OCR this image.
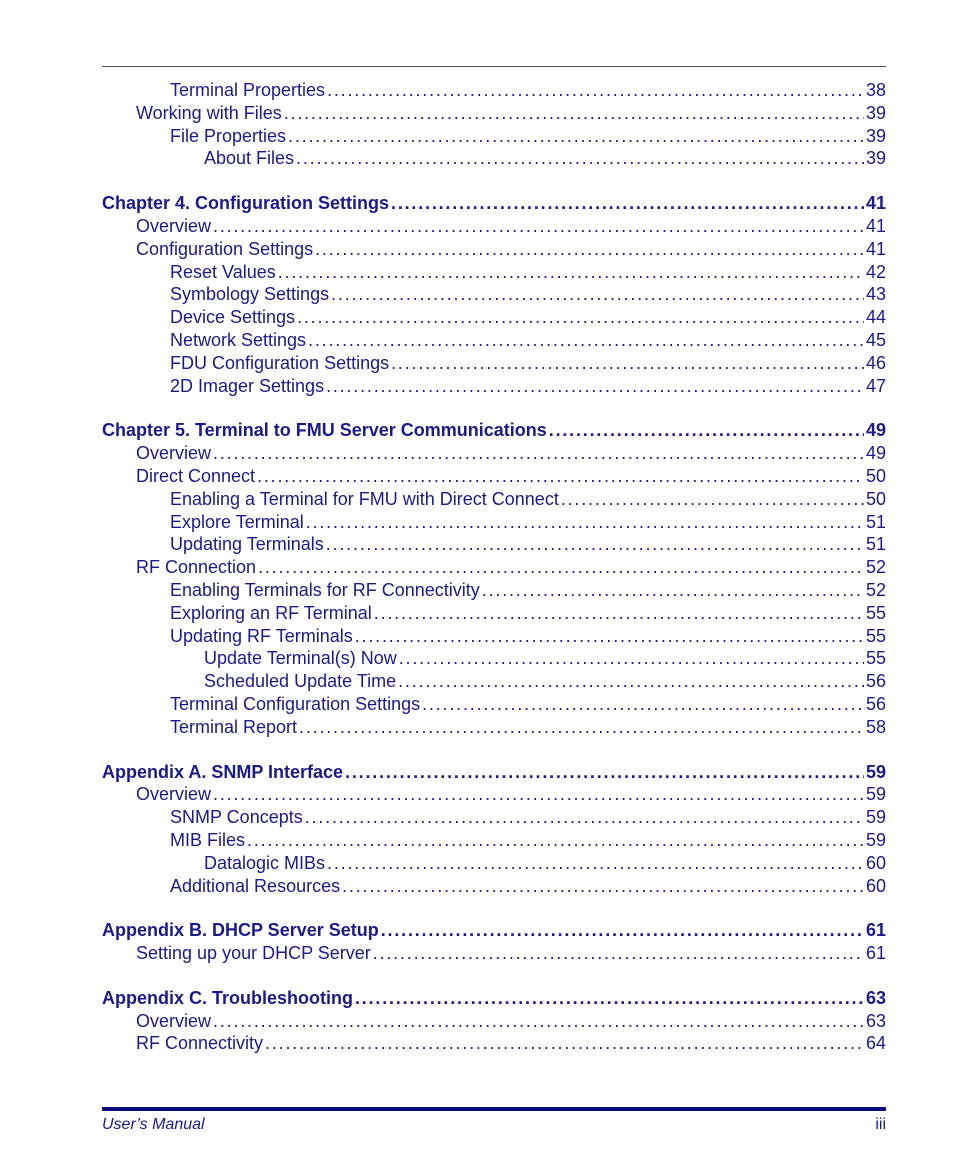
Terminal Properties . . .	38
Working with Files . . .	39
File Properties . . .	39
About Files . . .	39
Chapter 4. Configuration Settings . . .	41
Overview . . .	41
Configuration Settings . . .	41
Reset Values . . .	42
Symbology Settings . . .	43
Device Settings . . .	44
Network Settings . . .	45
FDU Configuration Settings . . .	46
2D Imager Settings . . .	47
Chapter 5. Terminal to FMU Server Communications . . .	49
Overview . . .	49
Direct Connect . . .	50
Enabling a Terminal for FMU with Direct Connect . . .	50
Explore Terminal . . .	51
Updating Terminals . . .	51
RF Connection . . .	52
Enabling Terminals for RF Connectivity . . .	52
Exploring an RF Terminal . . .	55
Updating RF Terminals . . .	55
Update Terminal(s) Now . . .	55
Scheduled Update Time . . .	56
Terminal Configuration Settings . . .	56
Terminal Report . . .	58
Appendix A. SNMP Interface . . .	59
Overview . . .	59
SNMP Concepts . . .	59
MIB Files . . .	59
Datalogic MIBs . . .	60
Additional Resources . . .	60
Appendix B. DHCP Server Setup . . .	61
Setting up your DHCP Server . . .	61
Appendix C. Troubleshooting . . .	63
Overview . . .	63
RF Connectivity . . .	64
User’s Manual	iii
